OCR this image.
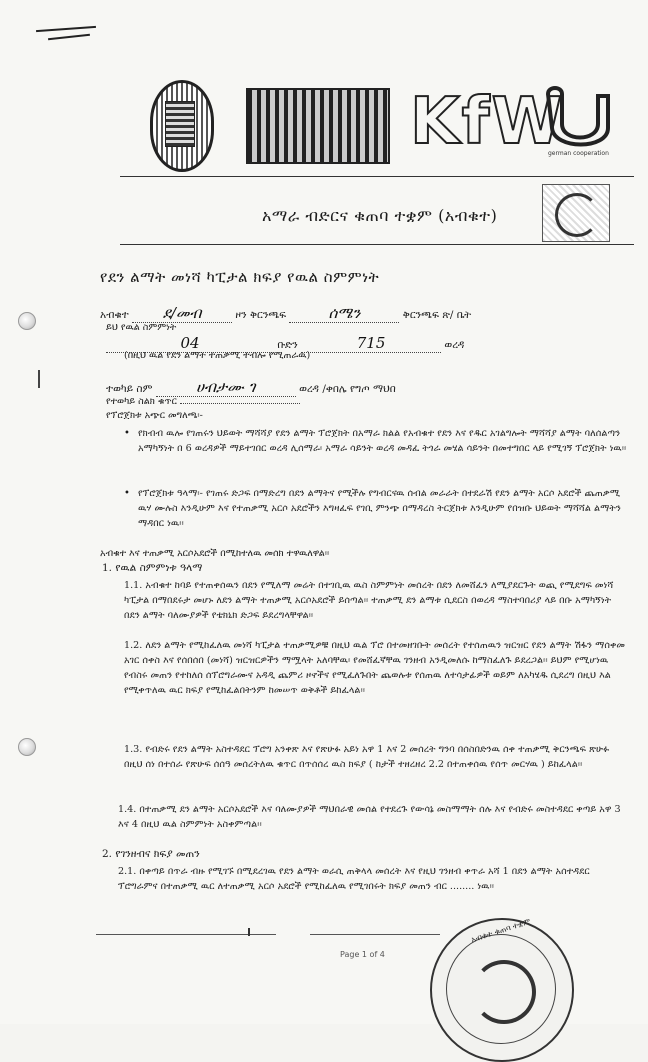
KfW
german cooperation
አማራ ብድርና ቁጠባ ተቋም (አብቁተ)
የደን ልማት መነሻ ካፒታል ክፍያ የዉል ስምምነት
አብቁተ ደ/መብ	ዞን ቅርንጫፍ	ሰሜን	ቅርንጫፍ ጽ/ ቤት
ይህ የዉል ስምምነት
04	ቡድን	715	ወረዳ
(በዚህ ዉል የደን ልማት ተጠቃሚ ተብሎ የሚጠራዉ)
ተወካይ ስም	ሀብታሙ ገ	ወረዳ /ቀበሌ የግጦ ማህበ
የተወካይ ስልክ ቁጥር
የፕሮጀክቱ አጭር መግለጫ፡-
• የክብብ ዉሎ የገጠሩን ህይወት ማሻሻያ የደን ልማት ፕሮጀክት በአማራ ክልል የአብቁተ የደን እና የዱር አገልግሎት ማሻሻያ ልማት ባለሰልጣን አማካኝነት በ 6 ወረዳዎች ማይተገበር ወረዳ ሊሰማራ፡ አማራ ሳይንት ወረዳ መዳፈ ትጎራ መሄል ሳይንት በመተግበር ላይ የሚገኝ ፕሮጀክት ነዉ፡፡
• የፕሮጀክቱ ዓላማ፡- የገጠሩ ድጋፍ በማድረግ በደን ልማትና የሚችሉ የግብርናዉ ሰብል መራራት በተደራሽ የደን ልማት አርሶ አደሮች ጨጠቃሚ ዉሃ ሙሉስ እንዲሁም እና የተጠቃሚ አርሶ አደሮችን እግዛፈፍ የገቢ ምንጭ በማዳረስ ትርጀክቱ እንዲሁም የበዝቡ ህይወት ማሻሻል ልማትን ማዳበር ነዉ፡፡
አብቁተ እና ተጠቃሚ አርሶአደሮች በሚከተለዉ መሰክ ተዋዉለዋል፡፡
1. የዉል ስምምነቱ ዓላማ
1.1. አብቁተ ከባይ የተጠቀሰዉን በደን የሚለማ መሬት በተገቢዉ ዉስ ስምምነት መሰረት በደን ለመሸፈን ለሚያደርጉት ወጪ የሚደግፍ መነሻ ካፒታል በማበደሩታ መሆኑ ለደን ልማት ተጠቃሚ አርሶአደሮች ይሰጣል፡፡ ተጠቃሚ ደን ልማቱ ሲደርስ በወረዳ ማስተባበሪያ ላይ በቡ አማካኝነት በደን ልማት ባለሙያዎች የቴክኒክ ድጋፍ ይደረግላቸዋል፡፡
1.2. ለደን ልማት የሚከፈለዉ መነሻ ካፒታል ተጠቃሚዎቹ በዚህ ዉል ፕሮ በተመዘገቡት መሰረት የተሰጠዉን ዝርዝር የደን ልማት ሽፋን ማሰቀመ አገር ሰቀስ እና የሰበሰበ (መነሻ) ዝርዝርዎችን ማሟላት አለባቸዉ፡ የመሸፈኛቸዉ ገንዘብ አንዲመለሱ ከማስፈለጉ ይደረጋል፡፡ ይህም የሚሆነዉ የብስሩ መጠን የተከለሰ ሰፕሮግራሙና አዳዲ ጨምሪ ዞኖችና የሚፈለጉበት ጨወሉቱ የሰጠዉ ለተሳታፊዎች ወይም ለአካሄዱ ሲደረግ በዚህ እል የሚቀጥለዉ ዉር ክፍያ የሚከፈልበትንም ከመሠጥ ወቅቶች ይከፈላል፡፡
1.3. የብድሩ የደን ልማት አስተዳደር ፕሮግ አንቀጽ እና የጽሁፉ አይነ አዋ 1 እና 2 መሰረት ግንባ በሰስበድንዉ ሰቀ ተጠቃሚ ቅርንጫፍ ጽሁፉ በዚህ ሰነ በተሰራ የጽሁፍ ሰሰዓ መሰረትለዉ ቁጥር በጥሰሰረ ዉስ ክፍያ ( ከታች ተዘረዘረ 2.2 በተጠቀሰዉ የሰጥ መርሃዉ ) ይከፈላል፡፡
1.4. በተጠቃሚ ደን ልማት አርሶአደሮች እና ባለሙያዎች ማህበራዊ መሰል የተደረጉ የውሳኔ መስማማት ሰሉ እና የብድሩ መስተዳደር ቀጣይ አዋ 3 እና 4 በዚህ ዉል ስምምነት አስቀምጣል፡፡
2. የገንዘብና ክፍያ መጠን
2.1. በቀጣይ በጥራ ብዙ የሚገኙ በሚደረገዉ የደን ልማት ወራሲ ጠቅላላ መሰረት እና የዚህ ገንዘብ ቀጥራ አሻ 1 በደን ልማት አሰተዳደር ፕሮግራምና በተጠቃሚ ዉር ለተጠቃሚ አርሶ አደሮች የሚከፈለዉ የሚገበሩት ክፍያ መጠን ብር ........ ነዉ፡፡
Page 1 of 4
አብቁተ ቁጠባ ተቋም
